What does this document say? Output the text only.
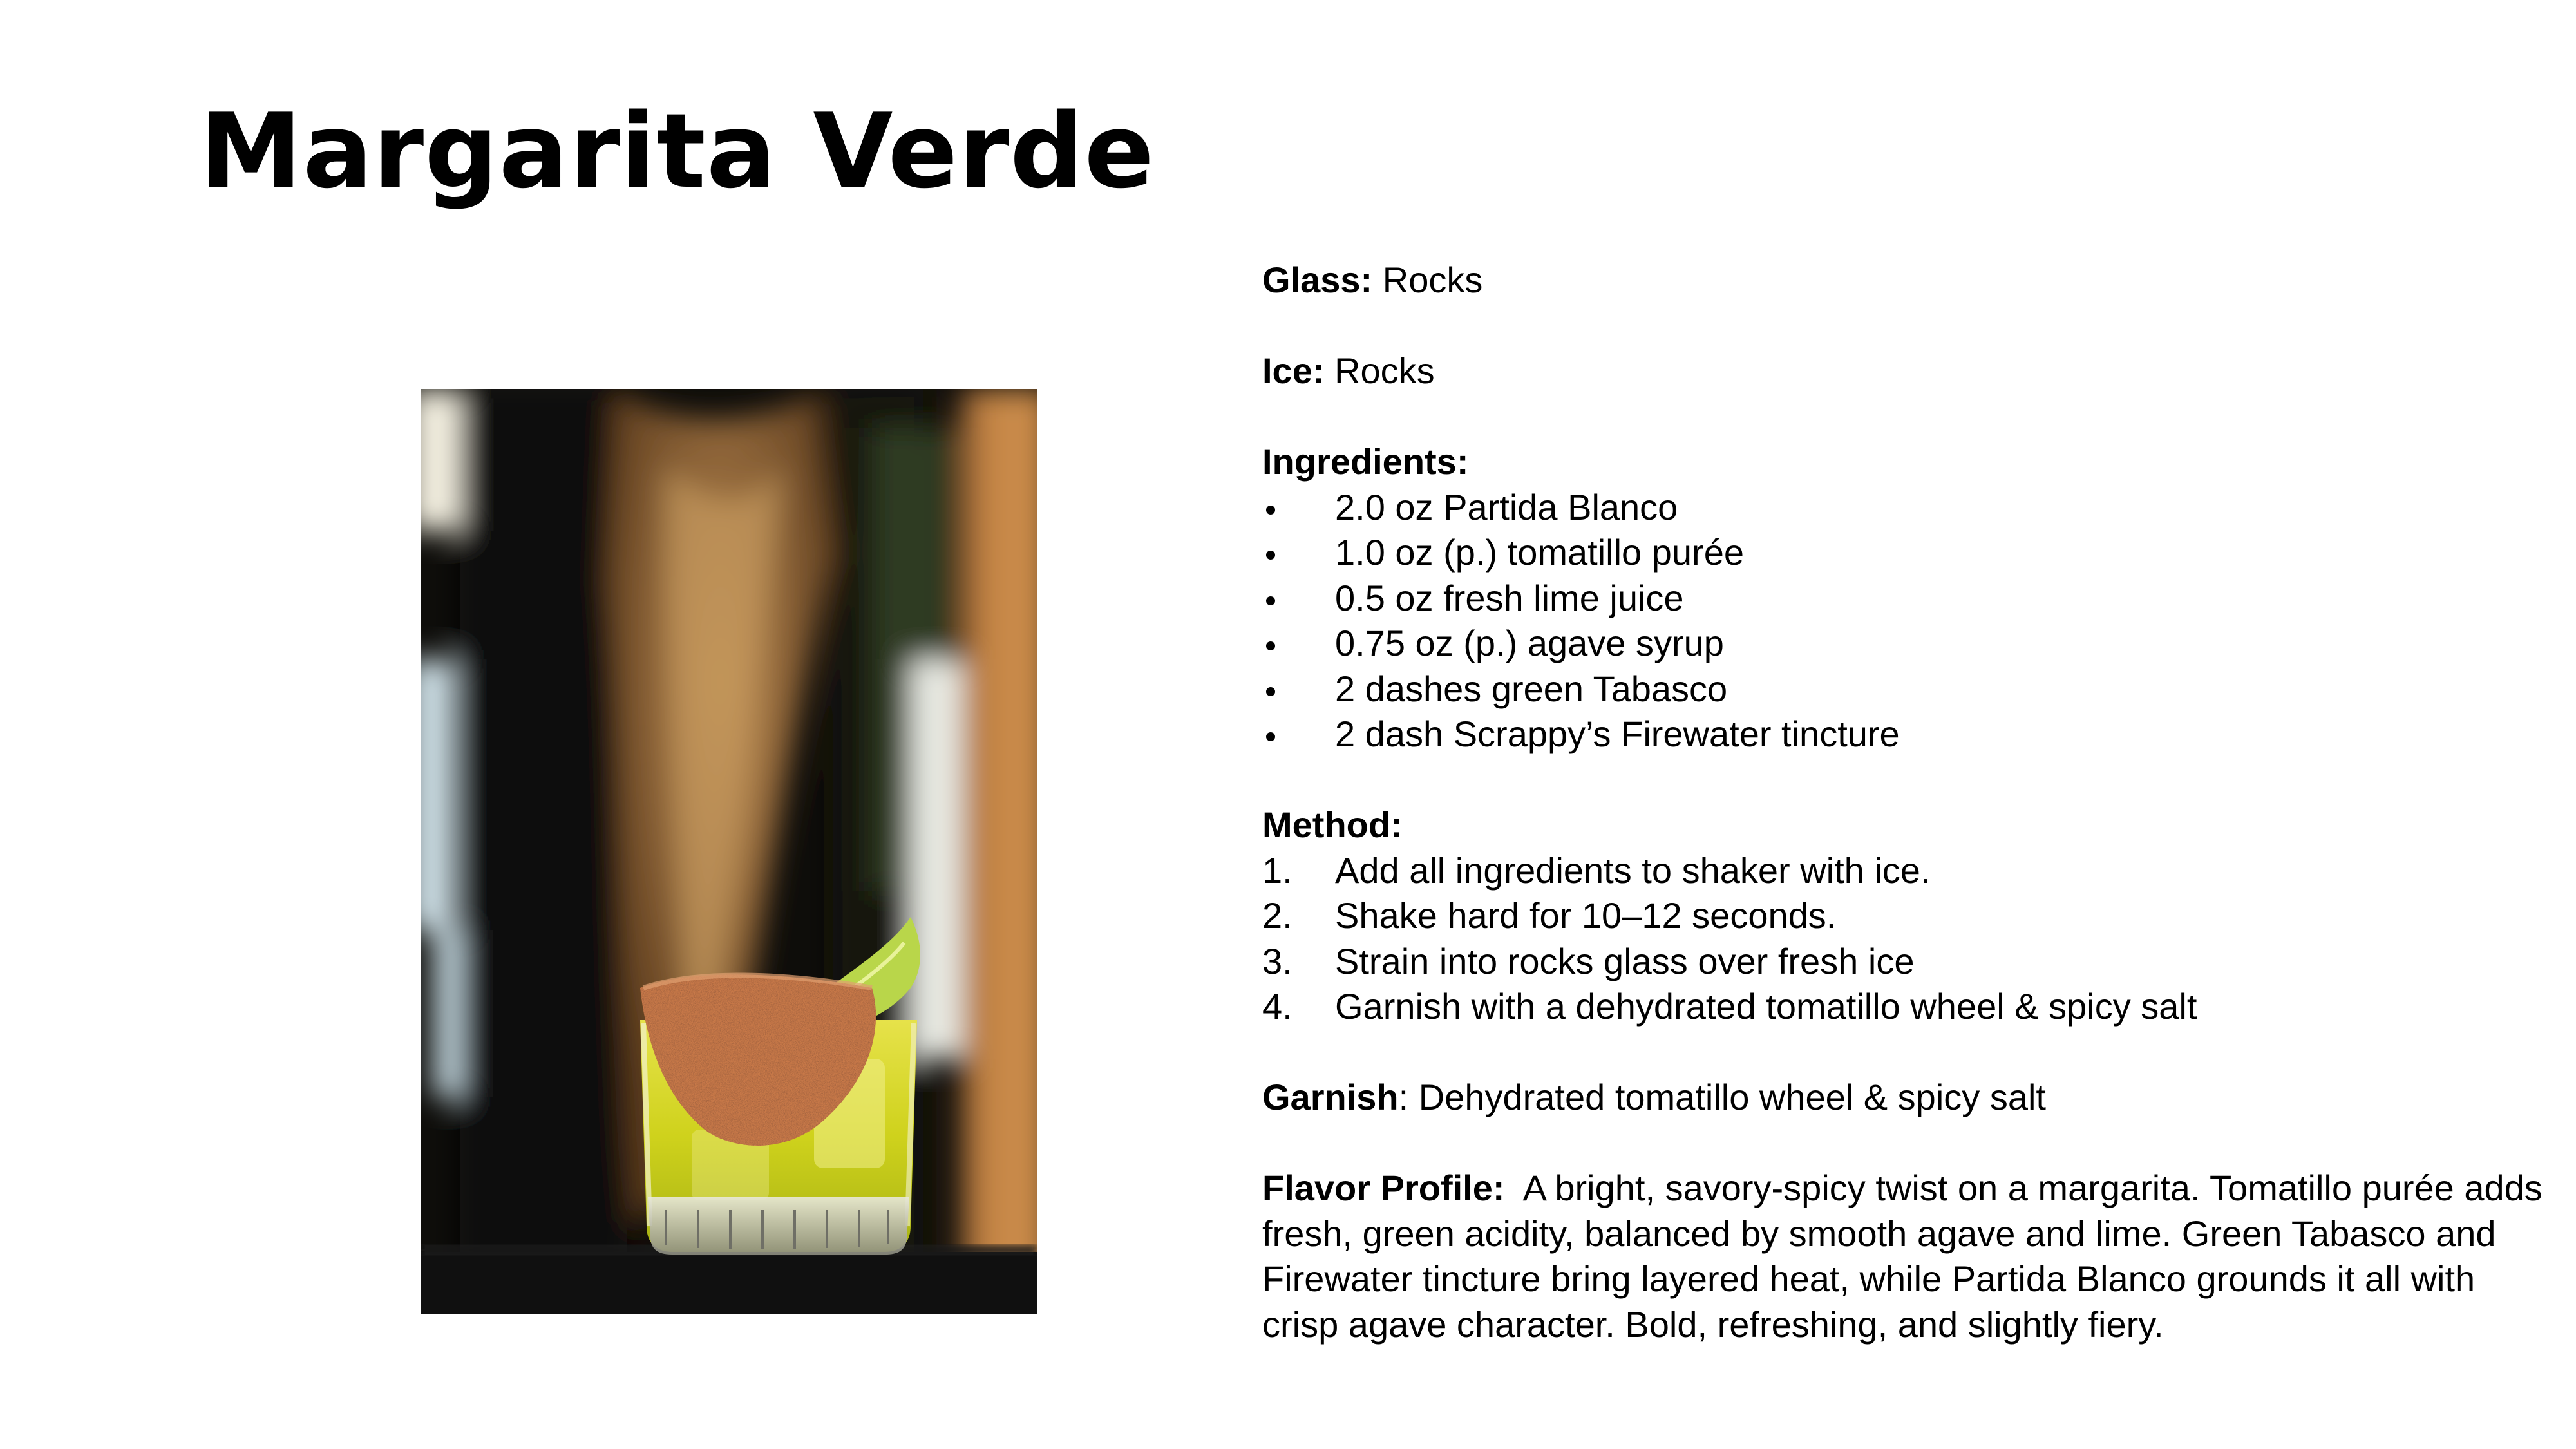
Margarita Verde

Glass: Rocks

Ice: Rocks

Ingredients:

2.0 oz Partida Blanco
1.0 oz (p.) tomatillo purée
0.5 oz fresh lime juice
0.75 oz (p.) agave syrup
2 dashes green Tabasco
2 dash Scrappy’s Firewater tincture

Method:

1. Add all ingredients to shaker with ice.
2. Shake hard for 10–12 seconds.
3. Strain into rocks glass over fresh ice
4. Garnish with a dehydrated tomatillo wheel & spicy salt

Garnish: Dehydrated tomatillo wheel & spicy salt

Flavor Profile: A bright, savory-spicy twist on a margarita. Tomatillo purée adds fresh, green acidity, balanced by smooth agave and lime. Green Tabasco and Firewater tincture bring layered heat, while Partida Blanco grounds it all with crisp agave character. Bold, refreshing, and slightly fiery.
